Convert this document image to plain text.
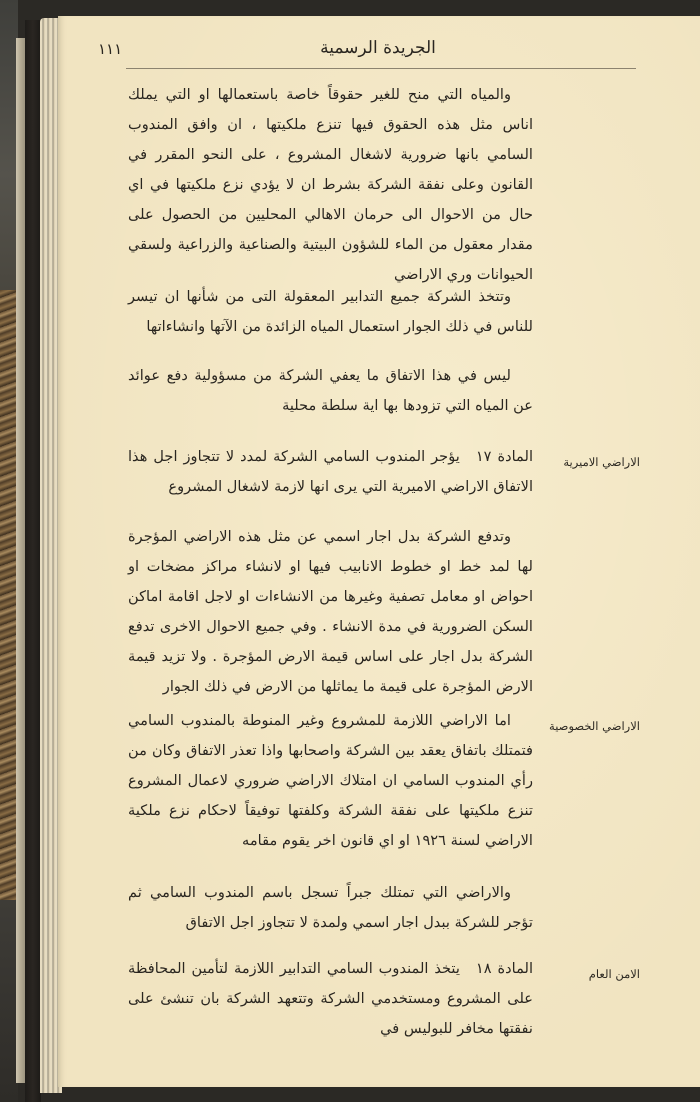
١١١	الجريدة الرسمية
والمياه التي منح للغير حقوقاً خاصة باستعمالها او التي يملك اناس مثل هذه الحقوق فيها تنزع ملكيتها ، ان وافق المندوب السامي بانها ضرورية لاشغال المشروع ، على النحو المقرر في القانون وعلى نفقة الشركة بشرط ان لا يؤدي نزع ملكيتها في اي حال من الاحوال الى حرمان الاهالي المحليين من الحصول على مقدار معقول من الماء للشؤون البيتية والصناعية والزراعية ولسقي الحيوانات وري الاراضي
وتتخذ الشركة جميع التدابير المعقولة التى من شأنها ان تيسر للناس في ذلك الجوار استعمال المياه الزائدة من الآتها وانشاءاتها
ليس في هذا الاتفاق ما يعفي الشركة من مسؤولية دفع عوائد عن المياه التي تزودها بها اية سلطة محلية
الاراضي الاميرية
المادة ١٧يؤجر المندوب السامي الشركة لمدد لا تتجاوز اجل هذا الاتفاق الاراضي الاميرية التي يرى انها لازمة لاشغال المشروع
وتدفع الشركة بدل اجار اسمي عن مثل هذه الاراضي المؤجرة لها لمد خط او خطوط الانابيب فيها او لانشاء مراكز مضخات او احواض او معامل تصفية وغيرها من الانشاءات او لاجل اقامة اماكن السكن الضرورية في مدة الانشاء . وفي جميع الاحوال الاخرى تدفع الشركة بدل اجار على اساس قيمة الارض المؤجرة . ولا تزيد قيمة الارض المؤجرة على قيمة ما يماثلها من الارض في ذلك الجوار
الاراضي الخصوصية
اما الاراضي اللازمة للمشروع وغير المنوطة بالمندوب السامي فتمتلك باتفاق يعقد بين الشركة واصحابها واذا تعذر الاتفاق وكان من رأي المندوب السامي ان امتلاك الاراضي ضروري لاعمال المشروع تنزع ملكيتها على نفقة الشركة وكلفتها توفيقاً لاحكام نزع ملكية الاراضي لسنة ١٩٢٦ او اي قانون اخر يقوم مقامه
والاراضي التي تمتلك جبراً تسجل باسم المندوب السامي ثم تؤجر للشركة ببدل اجار اسمي ولمدة لا تتجاوز اجل الاتفاق
الامن العام
المادة ١٨يتخذ المندوب السامي التدابير اللازمة لتأمين المحافظة على المشروع ومستخدمي الشركة وتتعهد الشركة بان تنشئ على نفقتها مخافر للبوليس في
